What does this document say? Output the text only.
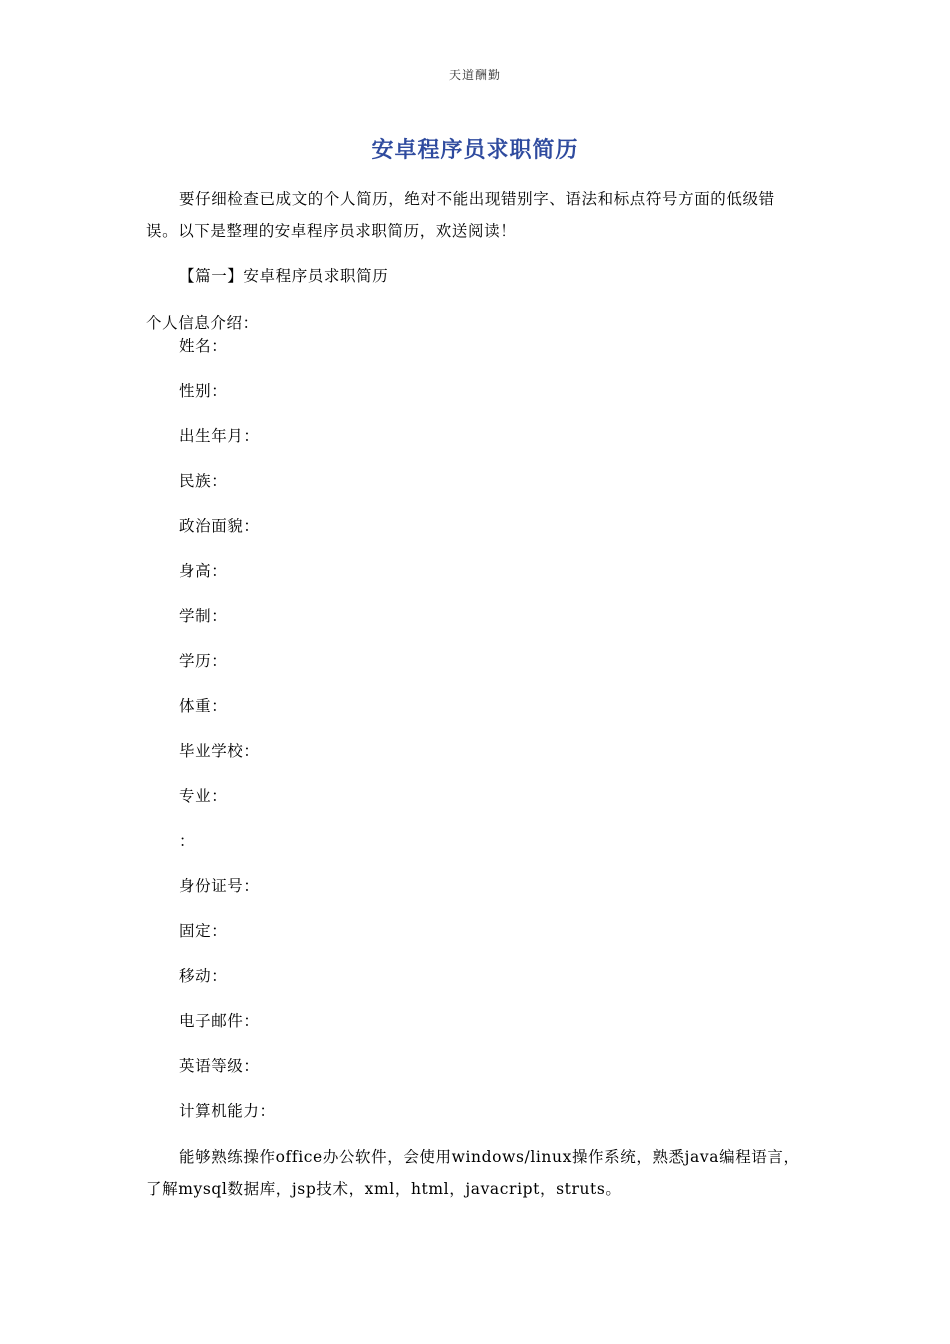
天道酬勤
安卓程序员求职简历

要仔细检查已成文的个人简历，绝对不能出现错别字、语法和标点符号方面的低级错误。以下是整理的安卓程序员求职简历，欢送阅读！

【篇一】安卓程序员求职简历
个人信息介绍：
姓名：
性别：
出生年月：
民族：
政治面貌：
身高：
学制：
学历：
体重：
毕业学校：
专业：
：
身份证号：
固定：
移动：
电子邮件：
英语等级：
计算机能力：

能够熟练操作office办公软件，会使用windows/linux操作系统，熟悉java编程语言，了解mysql数据库，jsp技术，xml，html，javacript，struts。
